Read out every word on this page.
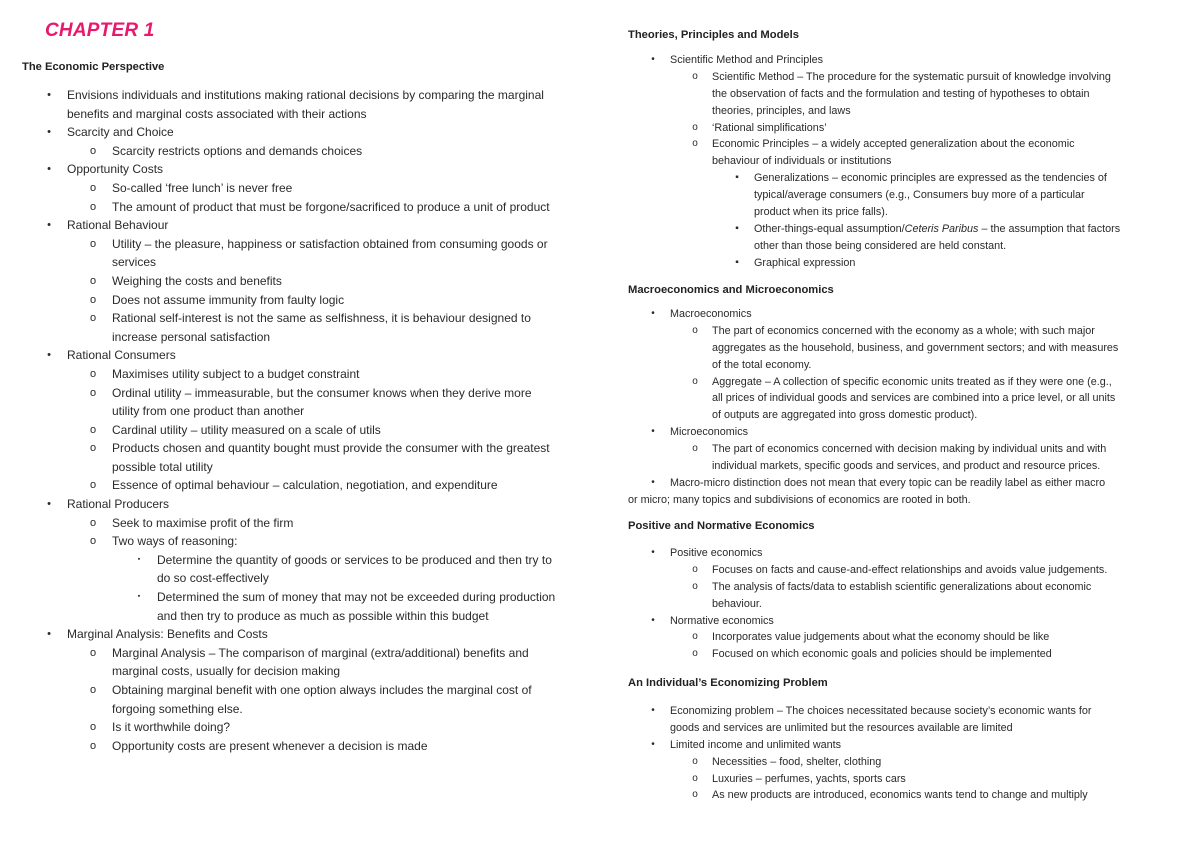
CHAPTER 1
The Economic Perspective
•	Envisions individuals and institutions making rational decisions by comparing the marginal
benefits and marginal costs associated with their actions
•	Scarcity and Choice
o	Scarcity restricts options and demands choices
•	Opportunity Costs
o	So-called ‘free lunch’ is never free
o	The amount of product that must be forgone/sacrificed to produce a unit of product
•	Rational Behaviour
o	Utility – the pleasure, happiness or satisfaction obtained from consuming goods or
services
o	Weighing the costs and benefits
o	Does not assume immunity from faulty logic
o	Rational self-interest is not the same as selfishness, it is behaviour designed to
increase personal satisfaction
•	Rational Consumers
o	Maximises utility subject to a budget constraint
o	Ordinal utility – immeasurable, but the consumer knows when they derive more
utility from one product than another
o	Cardinal utility – utility measured on a scale of utils
o	Products chosen and quantity bought must provide the consumer with the greatest
possible total utility
o	Essence of optimal behaviour – calculation, negotiation, and expenditure
•	Rational Producers
o	Seek to maximise profit of the firm
o	Two ways of reasoning:
▪	Determine the quantity of goods or services to be produced and then try to
do so cost-effectively
▪	Determined the sum of money that may not be exceeded during production
and then try to produce as much as possible within this budget
•	Marginal Analysis: Benefits and Costs
o	Marginal Analysis – The comparison of marginal (extra/additional) benefits and
marginal costs, usually for decision making
o	Obtaining marginal benefit with one option always includes the marginal cost of
forgoing something else.
o	Is it worthwhile doing?
o	Opportunity costs are present whenever a decision is made
Theories, Principles and Models
•	Scientific Method and Principles
o	Scientific Method – The procedure for the systematic pursuit of knowledge involving
the observation of facts and the formulation and testing of hypotheses to obtain
theories, principles, and laws
o	‘Rational simplifications’
o	Economic Principles – a widely accepted generalization about the economic
behaviour of individuals or institutions
▪	Generalizations – economic principles are expressed as the tendencies of
typical/average consumers (e.g., Consumers buy more of a particular
product when its price falls).
▪	Other-things-equal assumption/Ceteris Paribus – the assumption that factors
other than those being considered are held constant.
▪	Graphical expression
Macroeconomics and Microeconomics
•	Macroeconomics
o	The part of economics concerned with the economy as a whole; with such major
aggregates as the household, business, and government sectors; and with measures
of the total economy.
o	Aggregate – A collection of specific economic units treated as if they were one (e.g.,
all prices of individual goods and services are combined into a price level, or all units
of outputs are aggregated into gross domestic product).
•	Microeconomics
o	The part of economics concerned with decision making by individual units and with
individual markets, specific goods and services, and product and resource prices.
•	Macro-micro distinction does not mean that every topic can be readily label as either macro
or micro; many topics and subdivisions of economics are rooted in both.
Positive and Normative Economics
•	Positive economics
o	Focuses on facts and cause-and-effect relationships and avoids value judgements.
o	The analysis of facts/data to establish scientific generalizations about economic
behaviour.
•	Normative economics
o	Incorporates value judgements about what the economy should be like
o	Focused on which economic goals and policies should be implemented
An Individual’s Economizing Problem
•	Economizing problem – The choices necessitated because society’s economic wants for
goods and services are unlimited but the resources available are limited
•	Limited income and unlimited wants
o	Necessities – food, shelter, clothing
o	Luxuries – perfumes, yachts, sports cars
o	As new products are introduced, economics wants tend to change and multiply
